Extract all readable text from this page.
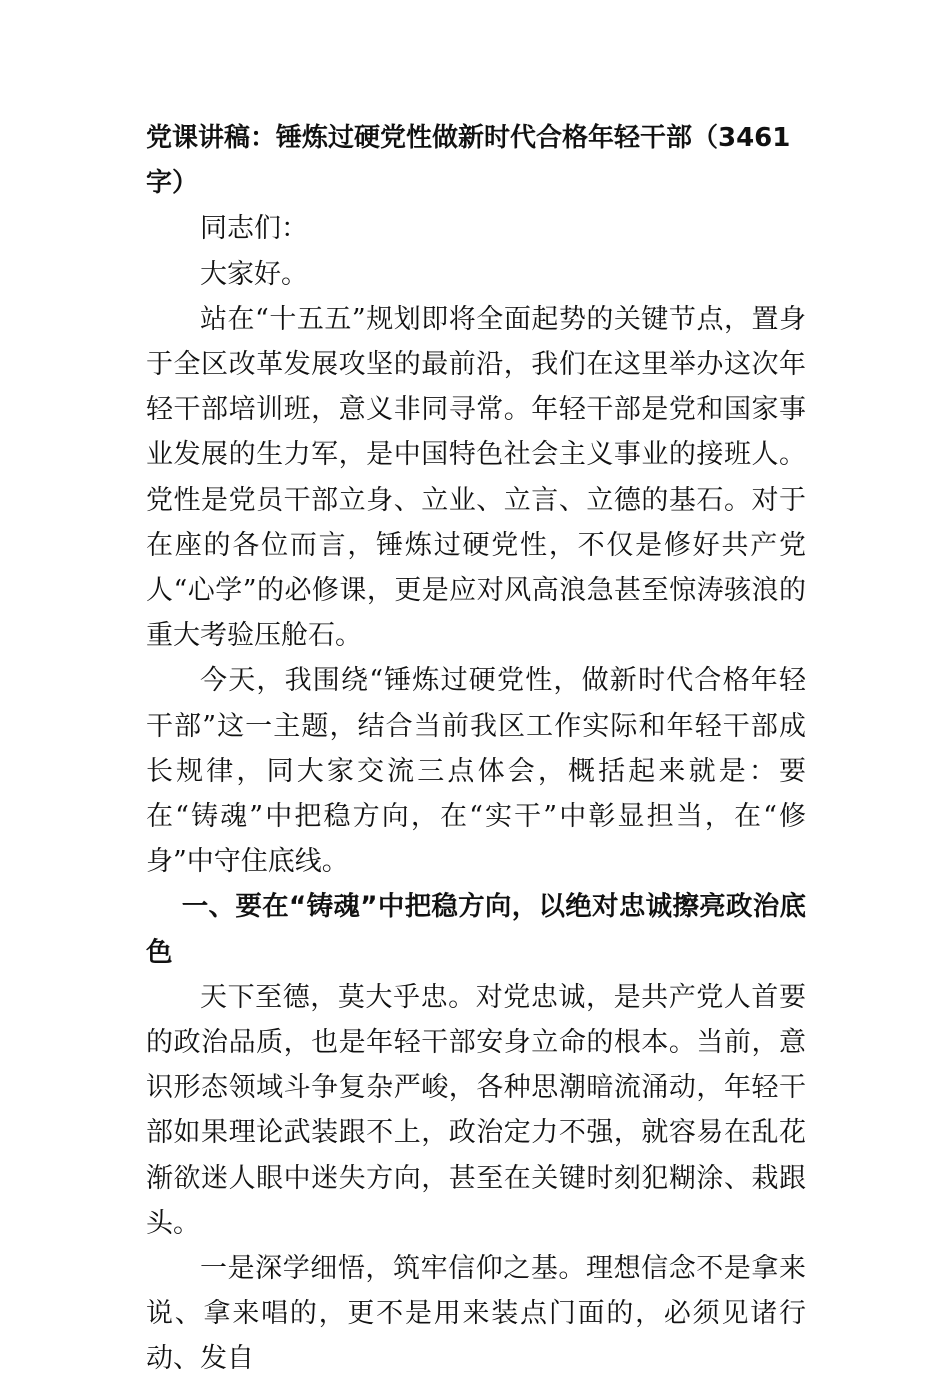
党课讲稿：锤炼过硬党性做新时代合格年轻干部（3461字）

同志们：

大家好。

站在“十五五”规划即将全面起势的关键节点，置身于全区改革发展攻坚的最前沿，我们在这里举办这次年轻干部培训班，意义非同寻常。年轻干部是党和国家事业发展的生力军，是中国特色社会主义事业的接班人。党性是党员干部立身、立业、立言、立德的基石。对于在座的各位而言，锤炼过硬党性，不仅是修好共产党人“心学”的必修课，更是应对风高浪急甚至惊涛骇浪的重大考验压舱石。

今天，我围绕“锤炼过硬党性，做新时代合格年轻干部”这一主题，结合当前我区工作实际和年轻干部成长规律，同大家交流三点体会，概括起来就是：要在“铸魂”中把稳方向，在“实干”中彰显担当，在“修身”中守住底线。

一、要在“铸魂”中把稳方向，以绝对忠诚擦亮政治底色

天下至德，莫大乎忠。对党忠诚，是共产党人首要的政治品质，也是年轻干部安身立命的根本。当前，意识形态领域斗争复杂严峻，各种思潮暗流涌动，年轻干部如果理论武装跟不上，政治定力不强，就容易在乱花渐欲迷人眼中迷失方向，甚至在关键时刻犯糊涂、栽跟头。

一是深学细悟，筑牢信仰之基。理想信念不是拿来说、拿来唱的，更不是用来装点门面的，必须见诸行动、发自
